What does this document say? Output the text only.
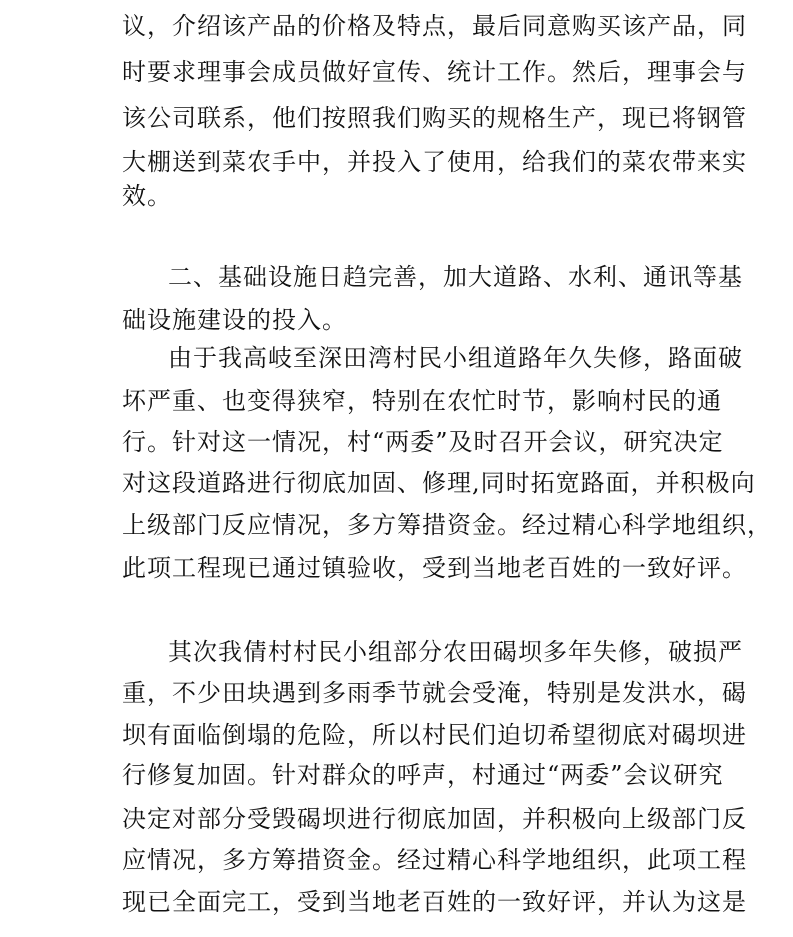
议，介绍该产品的价格及特点，最后同意购买该产品，同
时要求理事会成员做好宣传、统计工作。然后，理事会与
该公司联系，他们按照我们购买的规格生产，现已将钢管
大棚送到菜农手中，并投入了使用，给我们的菜农带来实
效。
二、基础设施日趋完善，加大道路、水利、通讯等基
础设施建设的投入。
由于我高岐至深田湾村民小组道路年久失修，路面破
坏严重、也变得狭窄，特别在农忙时节，影响村民的通
行。针对这一情况，村“两委”及时召开会议，研究决定
对这段道路进行彻底加固、修理,同时拓宽路面，并积极向
上级部门反应情况，多方筹措资金。经过精心科学地组织，
此项工程现已通过镇验收，受到当地老百姓的一致好评。
其次我倩村村民小组部分农田碣坝多年失修，破损严
重，不少田块遇到多雨季节就会受淹，特别是发洪水，碣
坝有面临倒塌的危险，所以村民们迫切希望彻底对碣坝进
行修复加固。针对群众的呼声，村通过“两委”会议研究
决定对部分受毁碣坝进行彻底加固，并积极向上级部门反
应情况，多方筹措资金。经过精心科学地组织，此项工程
现已全面完工，受到当地老百姓的一致好评，并认为这是
